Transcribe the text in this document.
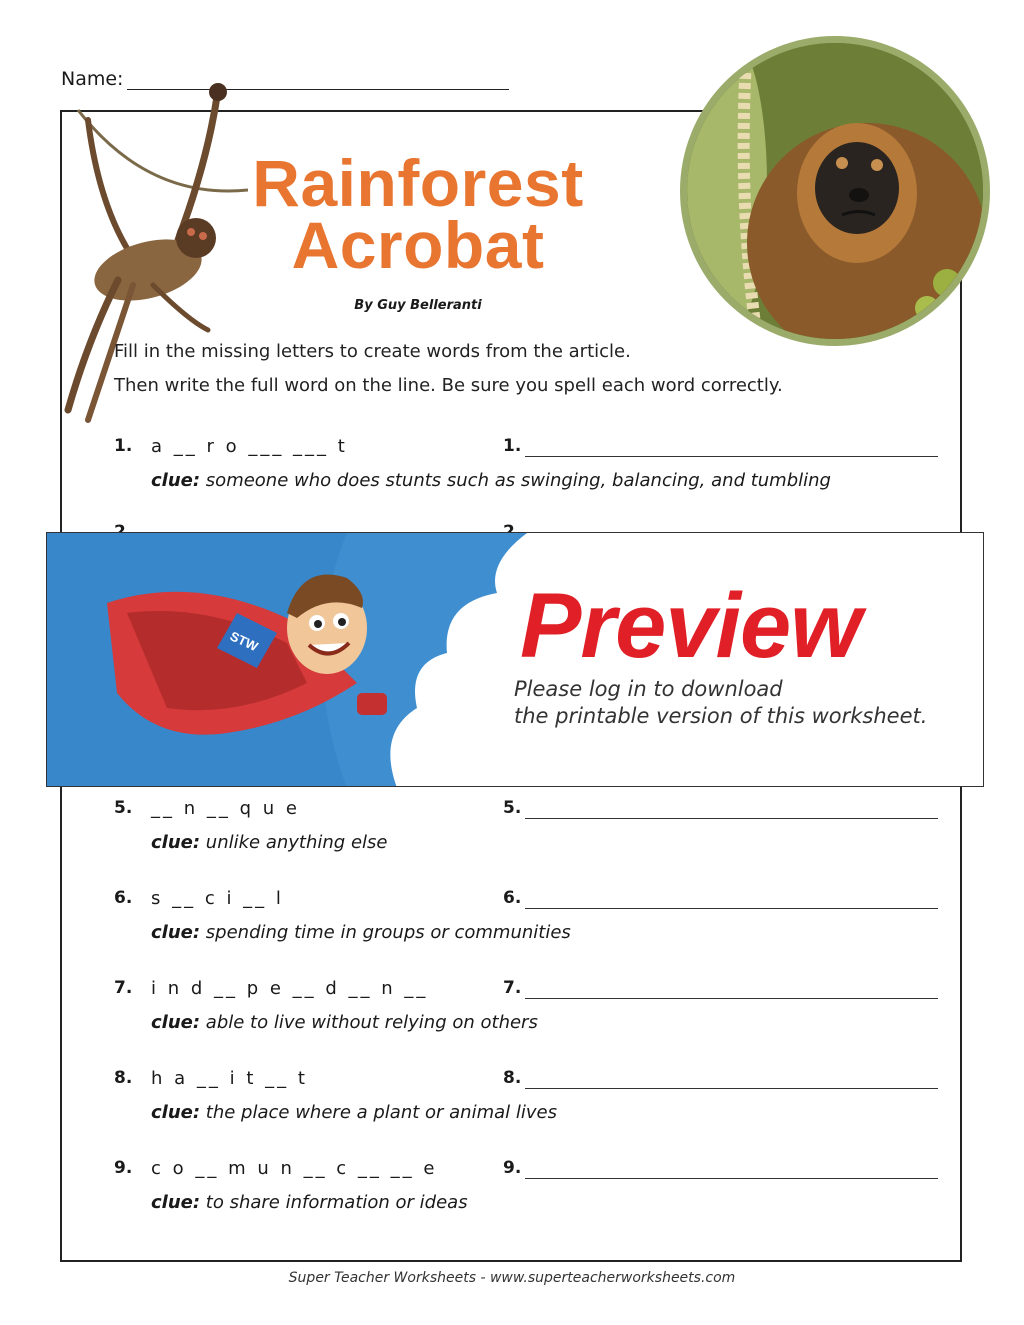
Name:
Rainforest
Acrobat
By Guy Belleranti
Fill in the missing letters to create words from the article.
Then write the full word on the line. Be sure you spell each word correctly.
1. a __ r o ___ ___ t	1.
clue: someone who does stunts such as swinging, balancing, and tumbling
STW	Preview
Please log in to download
the printable version of this worksheet.
5. __ n __ q u e	5.
clue: unlike anything else
6. s __ c i __ l	6.
clue: spending time in groups or communities
7. i n d __ p e __ d __ n __	7.
clue: able to live without relying on others
8. h a __ i t __ t	8.
clue: the place where a plant or animal lives
9. c o __ m u n __ c __ __ e	9.
clue: to share information or ideas
Super Teacher Worksheets - www.superteacherworksheets.com
